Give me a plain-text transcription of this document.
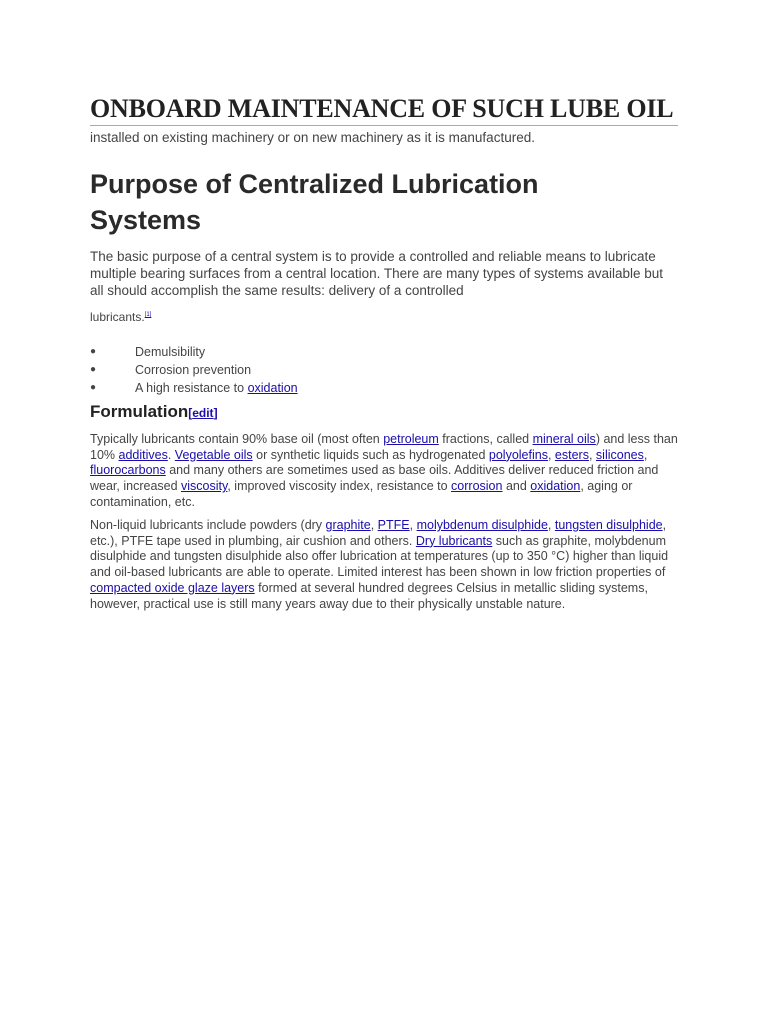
ONBOARD MAINTENANCE OF SUCH LUBE OIL

installed on existing machinery or on new machinery as it is manufactured.

Purpose of Centralized Lubrication Systems

The basic purpose of a central system is to provide a controlled and reliable means to lubricate multiple bearing surfaces from a central location. There are many types of systems available but all should accomplish the same results: delivery of a controlled

lubricants.[1]

●	Demulsibility
●	Corrosion prevention
●	A high resistance to oxidation
Formulation[edit]

Typically lubricants contain 90% base oil (most often petroleum fractions, called mineral oils) and less than 10% additives. Vegetable oils or synthetic liquids such as hydrogenated polyolefins, esters, silicones, fluorocarbons and many others are sometimes used as base oils. Additives deliver reduced friction and wear, increased viscosity, improved viscosity index, resistance to corrosion and oxidation, aging or contamination, etc.

Non-liquid lubricants include powders (dry graphite, PTFE, molybdenum disulphide, tungsten disulphide, etc.), PTFE tape used in plumbing, air cushion and others. Dry lubricants such as graphite, molybdenum disulphide and tungsten disulphide also offer lubrication at temperatures (up to 350 °C) higher than liquid and oil-based lubricants are able to operate. Limited interest has been shown in low friction properties of compacted oxide glaze layers formed at several hundred degrees Celsius in metallic sliding systems, however, practical use is still many years away due to their physically unstable nature.
